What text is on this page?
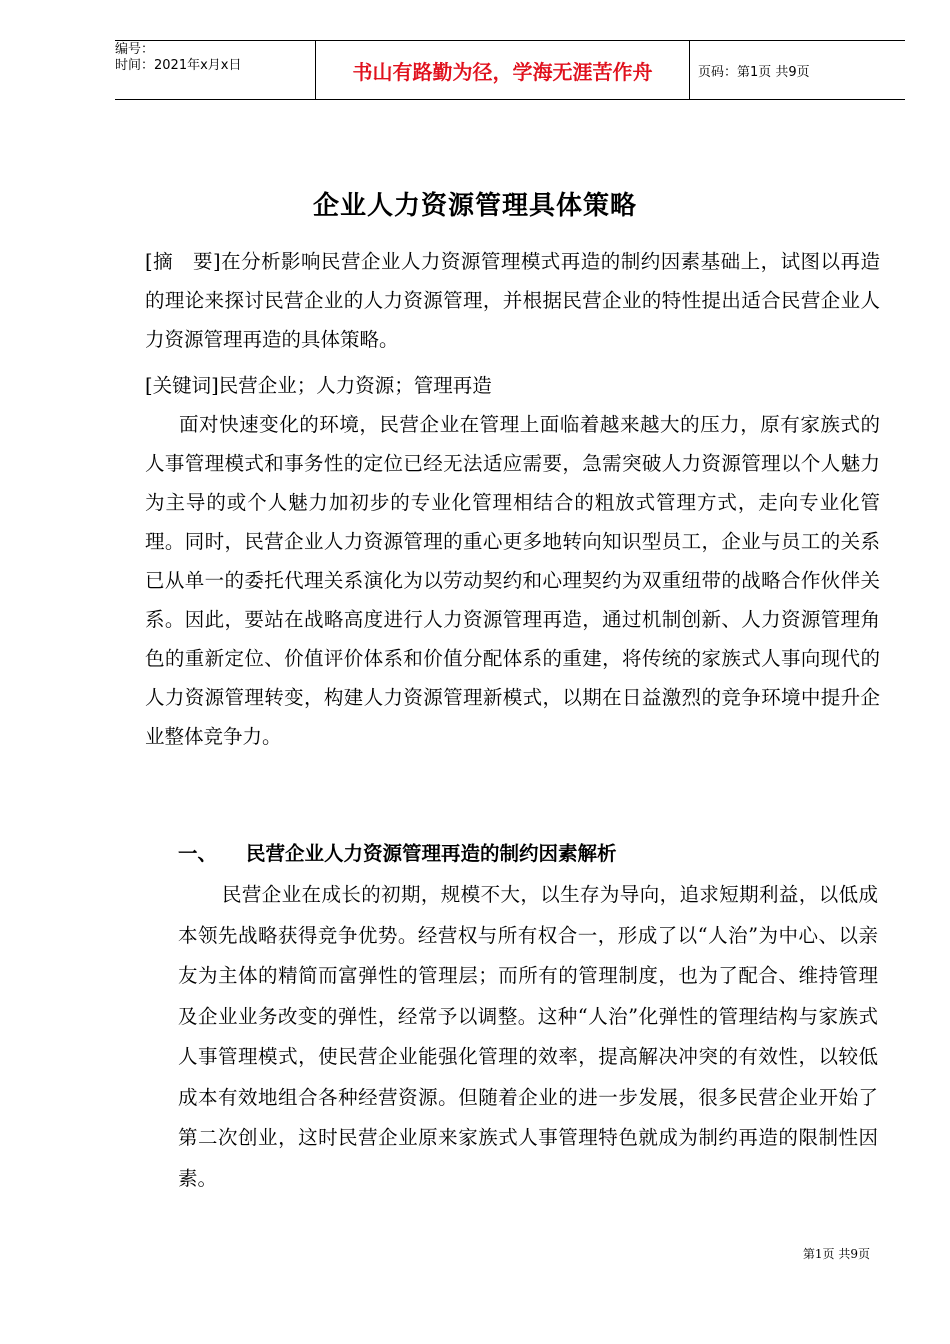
编号：
时间：2021年x月x日	书山有路勤为径，学海无涯苦作舟	页码：第1页 共9页
企业人力资源管理具体策略
[摘　要]在分析影响民营企业人力资源管理模式再造的制约因素基础上，试图以再造的理论来探讨民营企业的人力资源管理，并根据民营企业的特性提出适合民营企业人力资源管理再造的具体策略。
[关键词]民营企业；人力资源；管理再造
面对快速变化的环境，民营企业在管理上面临着越来越大的压力，原有家族式的人事管理模式和事务性的定位已经无法适应需要，急需突破人力资源管理以个人魅力为主导的或个人魅力加初步的专业化管理相结合的粗放式管理方式，走向专业化管理。同时，民营企业人力资源管理的重心更多地转向知识型员工，企业与员工的关系已从单一的委托代理关系演化为以劳动契约和心理契约为双重纽带的战略合作伙伴关系。因此，要站在战略高度进行人力资源管理再造，通过机制创新、人力资源管理角色的重新定位、价值评价体系和价值分配体系的重建，将传统的家族式人事向现代的人力资源管理转变，构建人力资源管理新模式，以期在日益激烈的竞争环境中提升企业整体竞争力。
一、 民营企业人力资源管理再造的制约因素解析
民营企业在成长的初期，规模不大，以生存为导向，追求短期利益，以低成本领先战略获得竞争优势。经营权与所有权合一，形成了以“人治”为中心、以亲友为主体的精简而富弹性的管理层；而所有的管理制度，也为了配合、维持管理及企业业务改变的弹性，经常予以调整。这种“人治”化弹性的管理结构与家族式人事管理模式，使民营企业能强化管理的效率，提高解决冲突的有效性，以较低成本有效地组合各种经营资源。但随着企业的进一步发展，很多民营企业开始了第二次创业，这时民营企业原来家族式人事管理特色就成为制约再造的限制性因素。
第1页 共9页
